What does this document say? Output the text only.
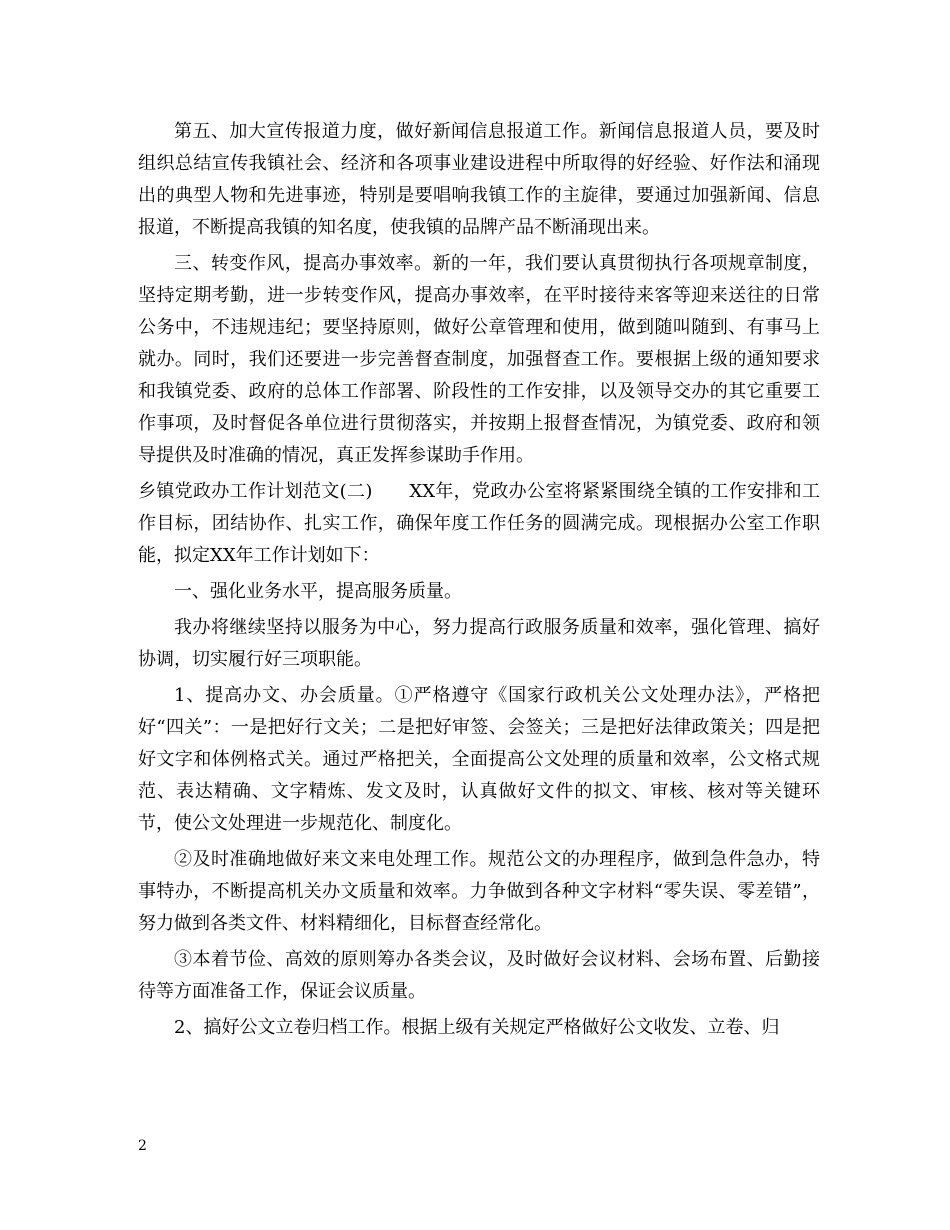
第五、加大宣传报道力度，做好新闻信息报道工作。新闻信息报道人员，要及时组织总结宣传我镇社会、经济和各项事业建设进程中所取得的好经验、好作法和涌现出的典型人物和先进事迹，特别是要唱响我镇工作的主旋律，要通过加强新闻、信息报道，不断提高我镇的知名度，使我镇的品牌产品不断涌现出来。

三、转变作风，提高办事效率。新的一年，我们要认真贯彻执行各项规章制度，坚持定期考勤，进一步转变作风，提高办事效率，在平时接待来客等迎来送往的日常公务中，不违规违纪；要坚持原则，做好公章管理和使用，做到随叫随到、有事马上就办。同时，我们还要进一步完善督查制度，加强督查工作。要根据上级的通知要求和我镇党委、政府的总体工作部署、阶段性的工作安排，以及领导交办的其它重要工作事项，及时督促各单位进行贯彻落实，并按期上报督查情况，为镇党委、政府和领导提供及时准确的情况，真正发挥参谋助手作用。

乡镇党政办工作计划范文(二)　　XX年，党政办公室将紧紧围绕全镇的工作安排和工作目标，团结协作、扎实工作，确保年度工作任务的圆满完成。现根据办公室工作职能，拟定XX年工作计划如下：

一、强化业务水平，提高服务质量。

我办将继续坚持以服务为中心，努力提高行政服务质量和效率，强化管理、搞好协调，切实履行好三项职能。

1、提高办文、办会质量。①严格遵守《国家行政机关公文处理办法》，严格把好“四关”：一是把好行文关；二是把好审签、会签关；三是把好法律政策关；四是把好文字和体例格式关。通过严格把关，全面提高公文处理的质量和效率，公文格式规范、表达精确、文字精炼、发文及时，认真做好文件的拟文、审核、核对等关键环节，使公文处理进一步规范化、制度化。

②及时准确地做好来文来电处理工作。规范公文的办理程序，做到急件急办，特事特办，不断提高机关办文质量和效率。力争做到各种文字材料“零失误、零差错”，努力做到各类文件、材料精细化，目标督查经常化。

③本着节俭、高效的原则筹办各类会议，及时做好会议材料、会场布置、后勤接待等方面准备工作，保证会议质量。

2、搞好公文立卷归档工作。根据上级有关规定严格做好公文收发、立卷、归

2
